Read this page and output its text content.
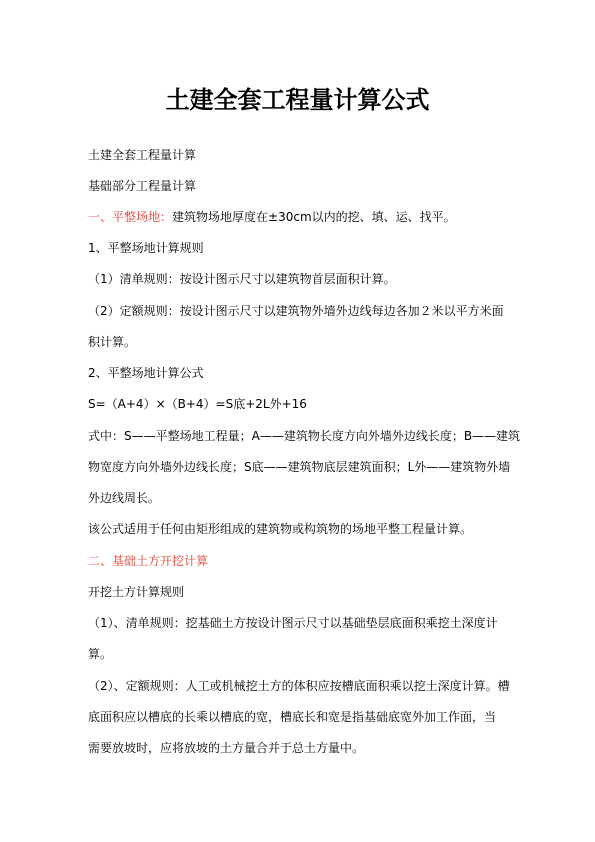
土建全套工程量计算公式
土建全套工程量计算
基础部分工程量计算
一、平整场地：建筑物场地厚度在±30cm以内的挖、填、运、找平。
1、平整场地计算规则
（1）清单规则：按设计图示尺寸以建筑物首层面积计算。
（2）定额规则：按设计图示尺寸以建筑物外墙外边线每边各加２米以平方米面
积计算。
2、平整场地计算公式
S=（A+4）×（B+4）=S底+2L外+16
式中：S——平整场地工程量；A——建筑物长度方向外墙外边线长度；B——建筑
物宽度方向外墙外边线长度；S底——建筑物底层建筑面积；L外——建筑物外墙
外边线周长。
该公式适用于任何由矩形组成的建筑物或构筑物的场地平整工程量计算。
二、基础土方开挖计算
开挖土方计算规则
（1）、清单规则：挖基础土方按设计图示尺寸以基础垫层底面积乘挖土深度计
算。
（2）、定额规则：人工或机械挖土方的体积应按槽底面积乘以挖土深度计算。槽
底面积应以槽底的长乘以槽底的宽，槽底长和宽是指基础底宽外加工作面，当
需要放坡时，应将放坡的土方量合并于总土方量中。
